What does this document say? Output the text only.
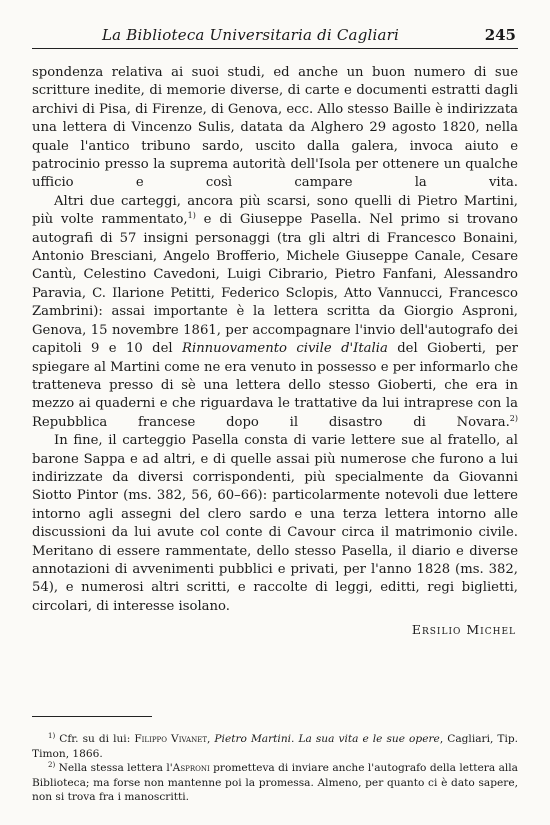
La Biblioteca Universitaria di Cagliari	245

spondenza relativa ai suoi studi, ed anche un buon numero di sue scritture inedite, di memorie diverse, di carte e documenti estratti dagli archivi di Pisa, di Firenze, di Genova, ecc. Allo stesso Baille è indirizzata una lettera di Vincenzo Sulis, datata da Alghero 29 agosto 1820, nella quale l'antico tribuno sardo, uscito dalla galera, invoca aiuto e patrocinio presso la suprema autorità dell'Isola per ottenere un qualche ufficio e così campare la vita.

Altri due carteggi, ancora più scarsi, sono quelli di Pietro Martini, più volte rammentato,$^{1)}$ e di Giuseppe Pasella. Nel primo si trovano autografi di 57 insigni personaggi (tra gli altri di Francesco Bonaini, Antonio Bresciani, Angelo Brofferio, Michele Giuseppe Canale, Cesare Cantù, Celestino Cavedoni, Luigi Cibrario, Pietro Fanfani, Alessandro Paravia, C. Ilarione Petitti, Federico Sclopis, Atto Vannucci, Francesco Zambrini): assai importante è la lettera scritta da Giorgio Asproni, Genova, 15 novembre 1861, per accompagnare l'invio dell'autografo dei capitoli 9 e 10 del Rinnuovamento civile d'Italia del Gioberti, per spiegare al Martini come ne era venuto in possesso e per informarlo che tratteneva presso di sè una lettera dello stesso Gioberti, che era in mezzo ai quaderni e che riguardava le trattative da lui intraprese con la Repubblica francese dopo il disastro di Novara.$^{2)}$

In fine, il carteggio Pasella consta di varie lettere sue al fratello, al barone Sappa e ad altri, e di quelle assai più numerose che furono a lui indirizzate da diversi corrispondenti, più specialmente da Giovanni Siotto Pintor (ms. 382, 56, 60–66): particolarmente notevoli due lettere intorno agli assegni del clero sardo e una terza lettera intorno alle discussioni da lui avute col conte di Cavour circa il matrimonio civile. Meritano di essere rammentate, dello stesso Pasella, il diario e diverse annotazioni di avvenimenti pubblici e privati, per l'anno 1828 (ms. 382, 54), e numerosi altri scritti, e raccolte di leggi, editti, regi biglietti, circolari, di interesse isolano.

Ersilio Michel

$^{1)}$ Cfr. su di lui: Filippo Vivanet, Pietro Martini. La sua vita e le sue opere, Cagliari, Tip. Timon, 1866.

$^{2)}$ Nella stessa lettera l'Asproni prometteva di inviare anche l'autografo della lettera alla Biblioteca; ma forse non mantenne poi la promessa. Almeno, per quanto ci è dato sapere, non si trova fra i manoscritti.
